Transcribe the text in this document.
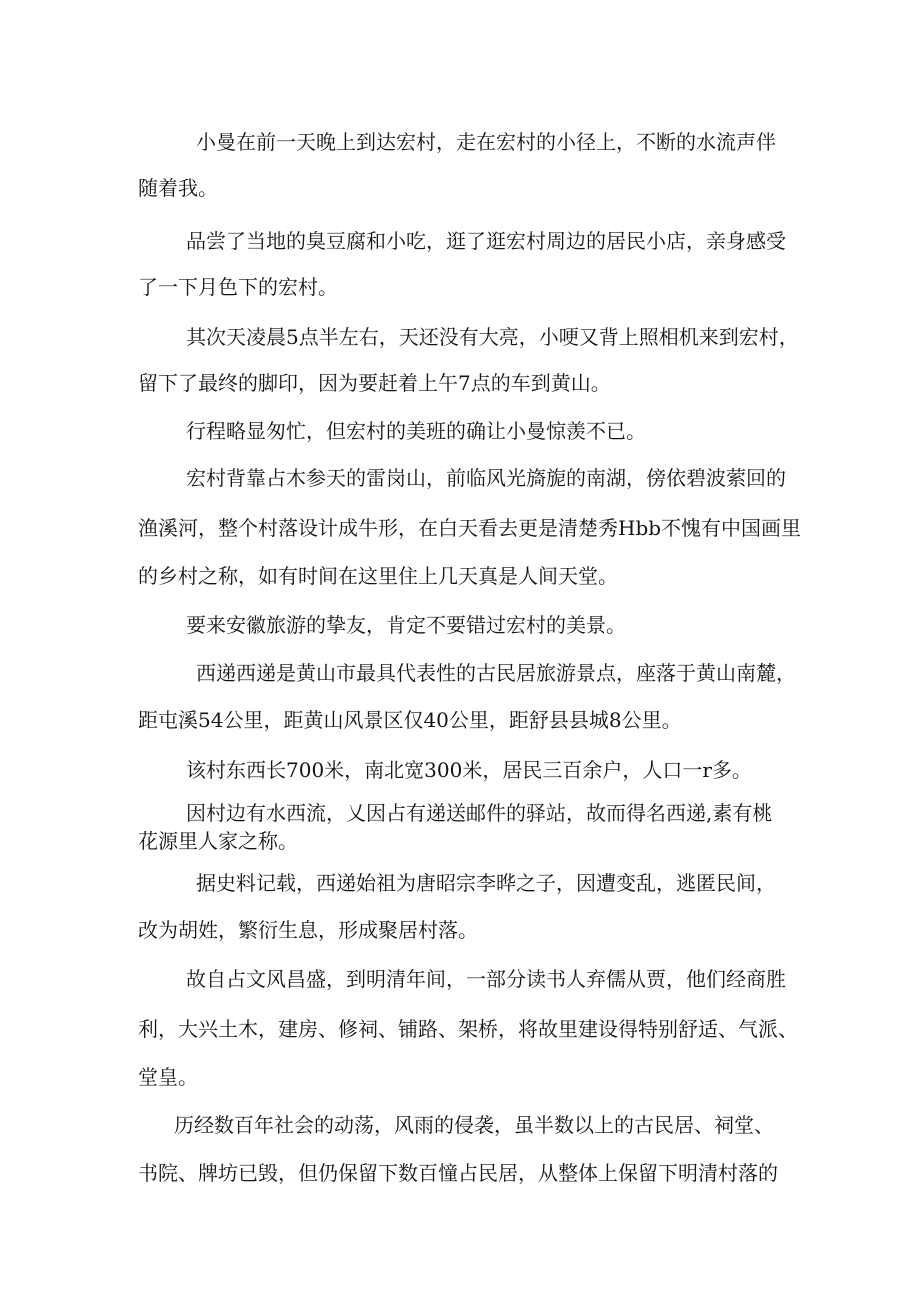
小曼在前一天晚上到达宏村，走在宏村的小径上，不断的水流声伴

随着我。

品尝了当地的臭豆腐和小吃，逛了逛宏村周边的居民小店，亲身感受

了一下月色下的宏村。

其次天凌晨5点半左右，天还没有大亮，小哽又背上照相机来到宏村，

留下了最终的脚印，因为要赶着上午7点的车到黄山。

行程略显匆忙，但宏村的美班的确让小曼惊羡不已。

宏村背靠占木参天的雷岗山，前临风光旖旎的南湖，傍依碧波萦回的

渔溪河，整个村落设计成牛形，在白天看去更是清楚秀Hbb不愧有中国画里

的乡村之称，如有时间在这里住上几天真是人间天堂。

要来安徽旅游的挚友，肯定不要错过宏村的美景。

西递西递是黄山市最具代表性的古民居旅游景点，座落于黄山南麓，

距屯溪54公里，距黄山风景区仅40公里，距舒县县城8公里。

该村东西长700米，南北宽300米，居民三百余户，人口一r多。

因村边有水西流，乂因占有递送邮件的驿站，故而得名西递,素有桃

花源里人家之称。

据史料记载，西递始祖为唐昭宗李晔之子，因遭变乱，逃匿民间，

改为胡姓，繁衍生息，形成聚居村落。

故自占文风昌盛，到明清年间，一部分读书人弃儒从贾，他们经商胜

利，大兴土木，建房、修祠、铺路、架桥，将故里建设得特别舒适、气派、

堂皇。

历经数百年社会的动荡，风雨的侵袭，虽半数以上的古民居、祠堂、

书院、牌坊已毁，但仍保留下数百憧占民居，从整体上保留下明清村落的
